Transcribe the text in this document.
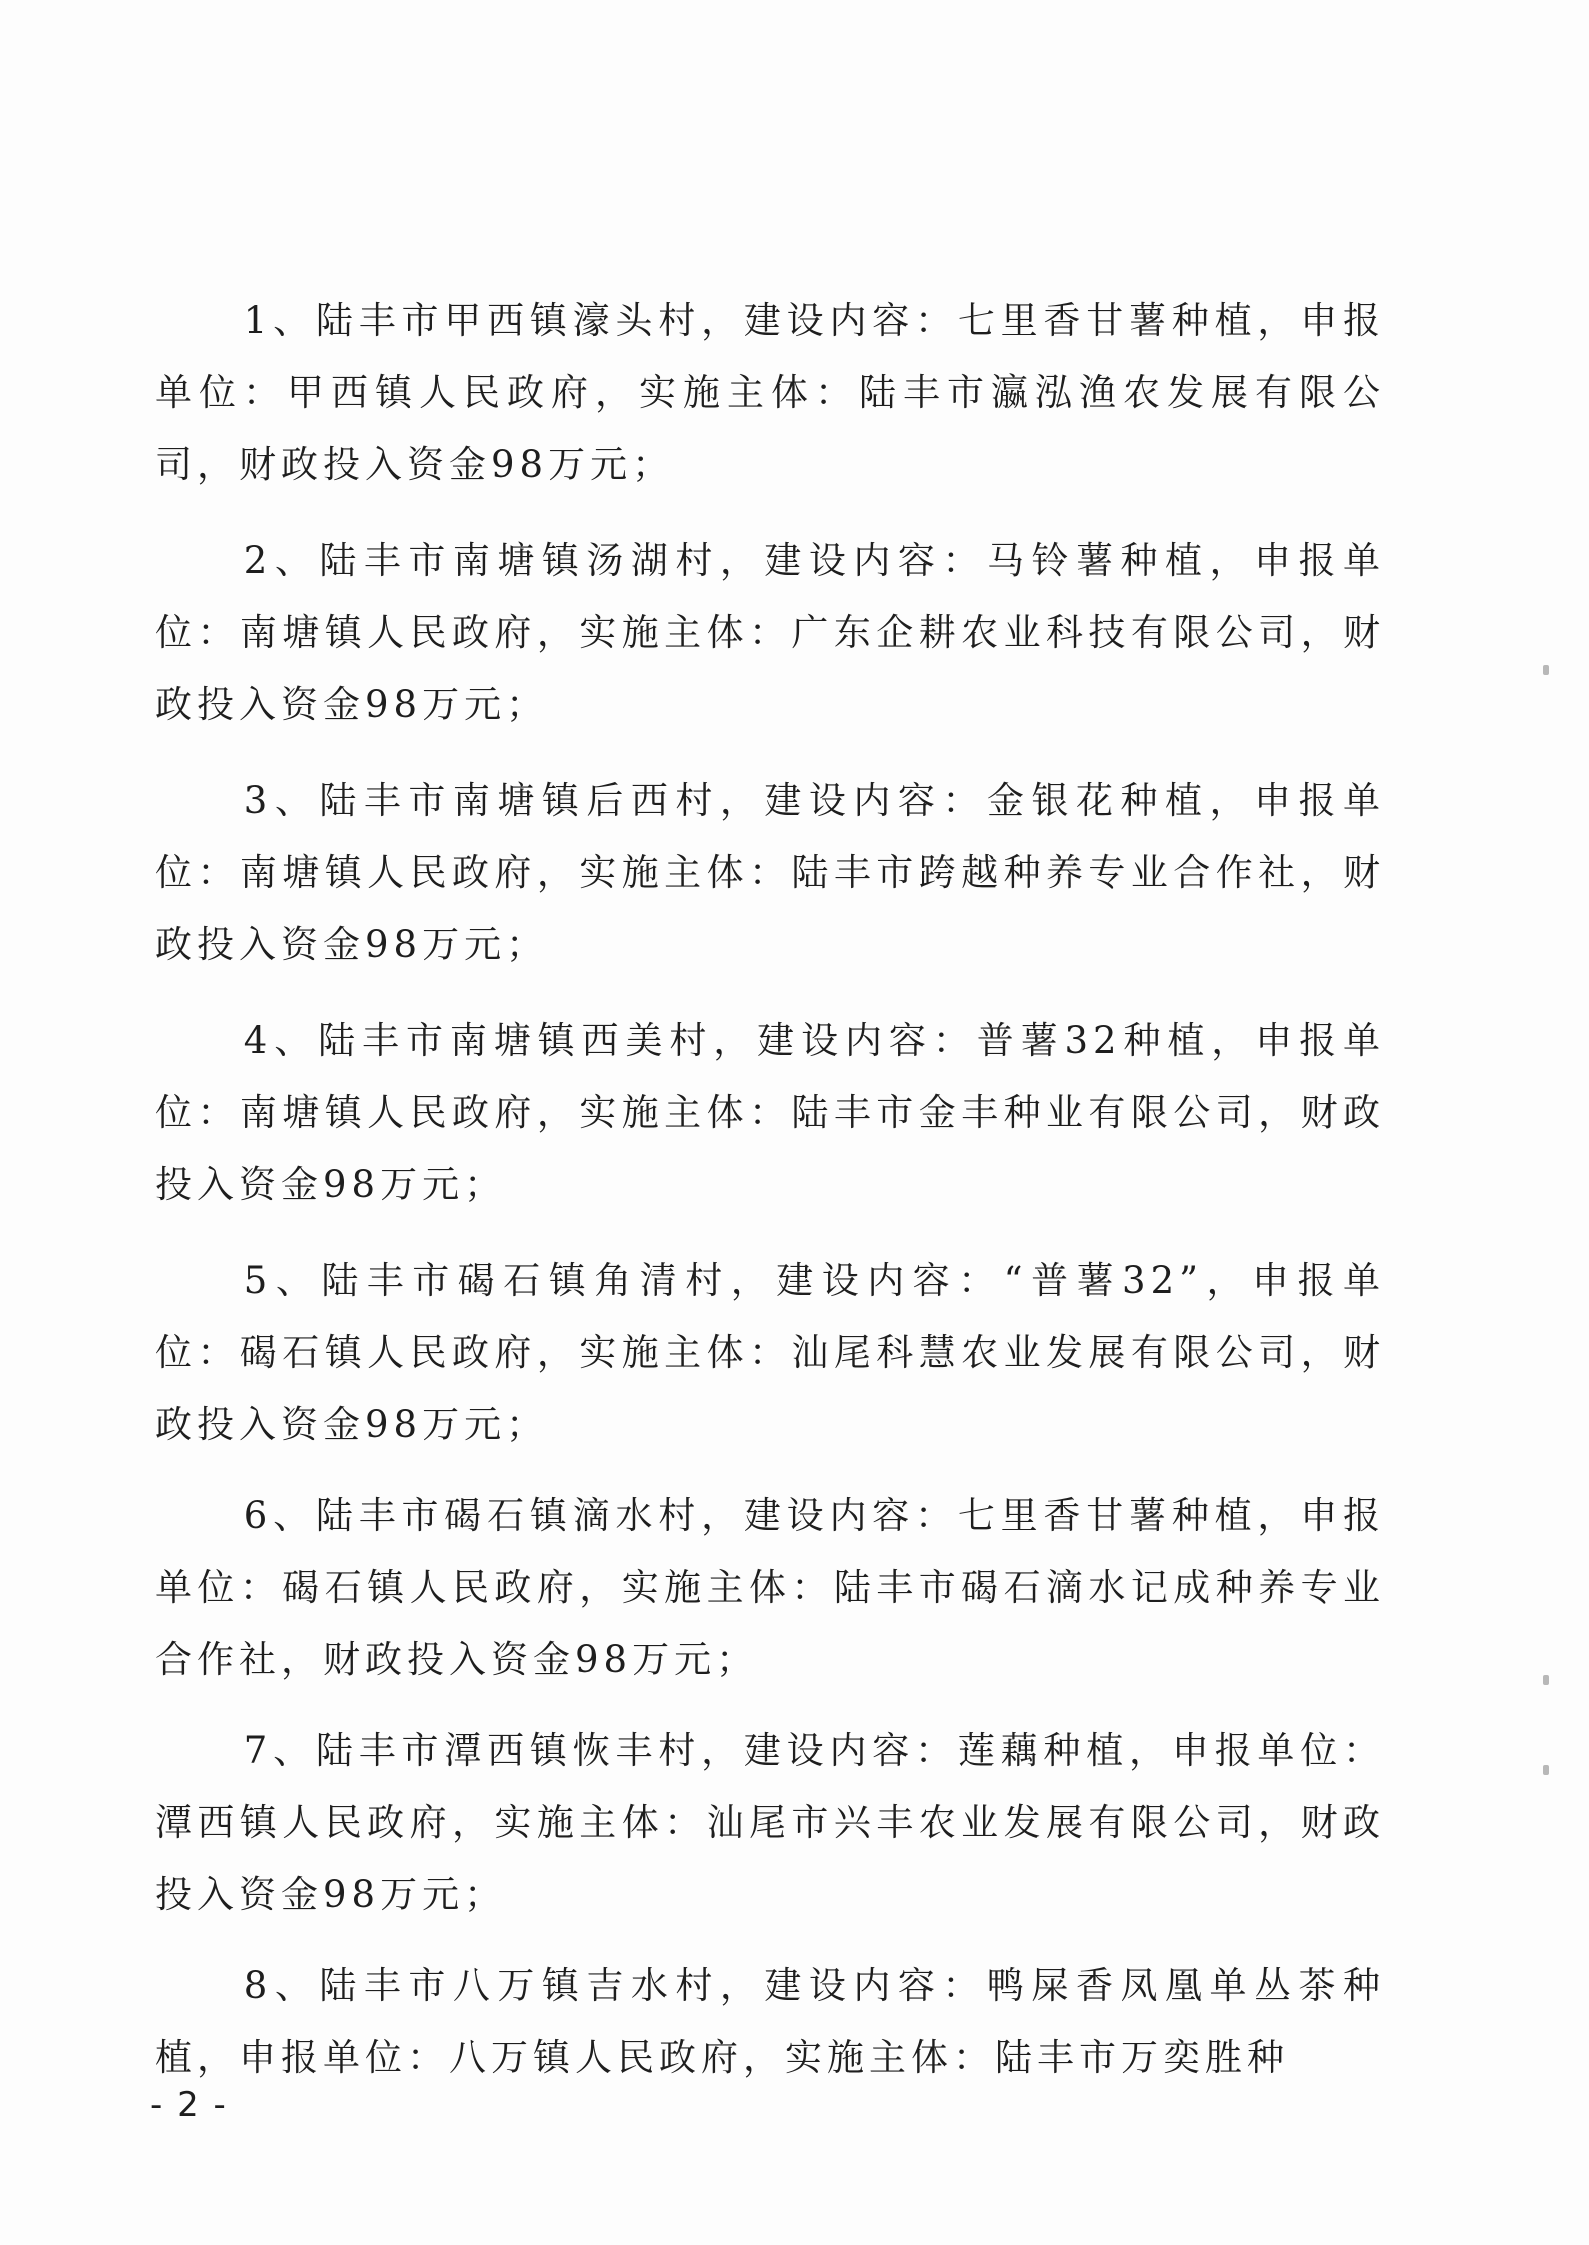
1、陆丰市甲西镇濠头村，建设内容：七里香甘薯种植，申报单位：甲西镇人民政府，实施主体：陆丰市瀛泓渔农发展有限公司，财政投入资金98万元；

2、陆丰市南塘镇汤湖村，建设内容：马铃薯种植，申报单位：南塘镇人民政府，实施主体：广东企耕农业科技有限公司，财政投入资金98万元；

3、陆丰市南塘镇后西村，建设内容：金银花种植，申报单位：南塘镇人民政府，实施主体：陆丰市跨越种养专业合作社，财政投入资金98万元；

4、陆丰市南塘镇西美村，建设内容：普薯32种植，申报单位：南塘镇人民政府，实施主体：陆丰市金丰种业有限公司，财政投入资金98万元；

5、陆丰市碣石镇角清村，建设内容：“普薯32”，申报单位：碣石镇人民政府，实施主体：汕尾科慧农业发展有限公司，财政投入资金98万元；

6、陆丰市碣石镇滴水村，建设内容：七里香甘薯种植，申报单位：碣石镇人民政府，实施主体：陆丰市碣石滴水记成种养专业合作社，财政投入资金98万元；

7、陆丰市潭西镇恢丰村，建设内容：莲藕种植，申报单位：潭西镇人民政府，实施主体：汕尾市兴丰农业发展有限公司，财政投入资金98万元；

8、陆丰市八万镇吉水村，建设内容：鸭屎香凤凰单丛茶种植，申报单位：八万镇人民政府，实施主体：陆丰市万奕胜种

- 2 -
